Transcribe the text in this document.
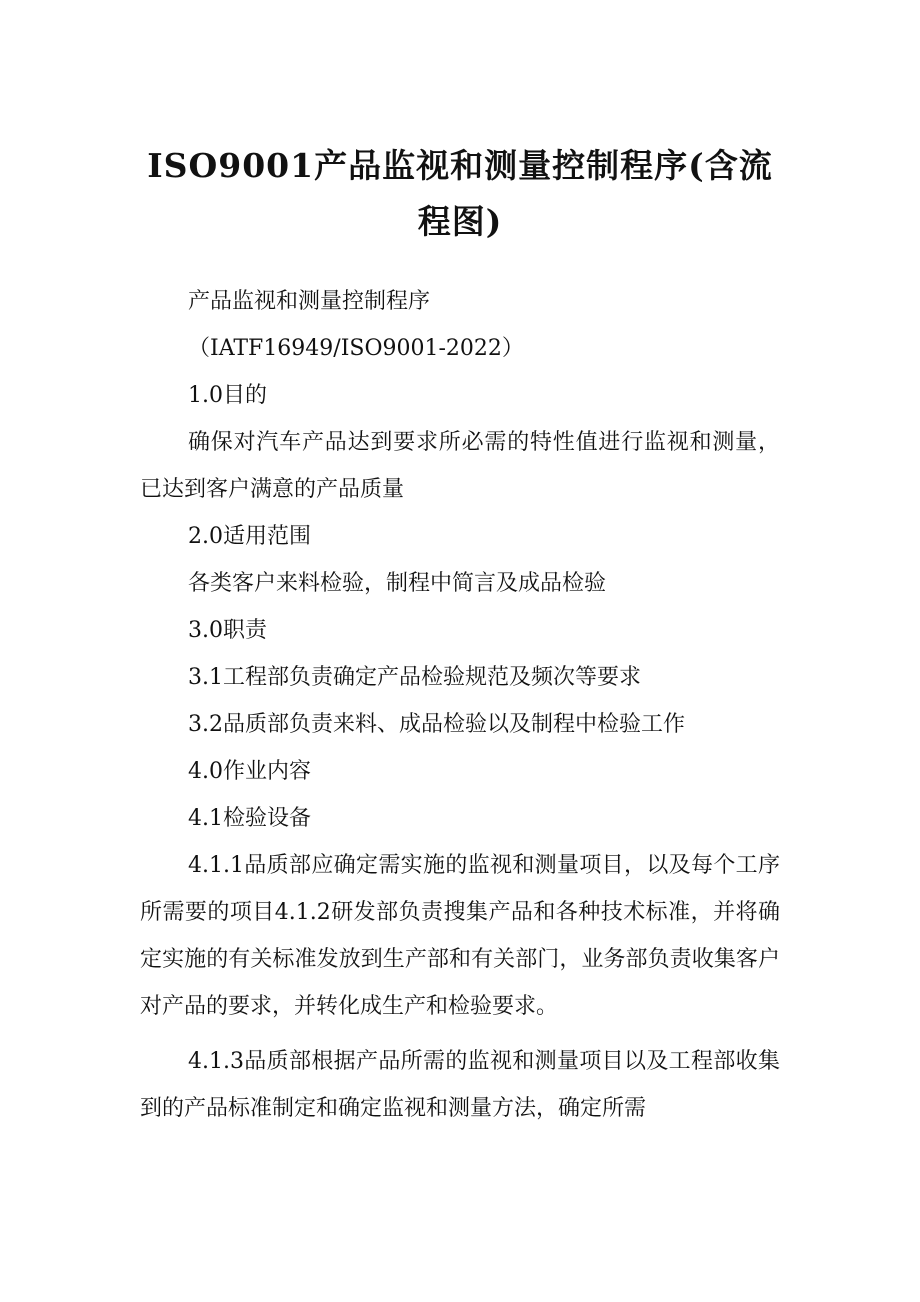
ISO9001产品监视和测量控制程序(含流程图)

产品监视和测量控制程序

（IATF16949/ISO9001-2022）

1.0目的

确保对汽车产品达到要求所必需的特性值进行监视和测量，已达到客户满意的产品质量

2.0适用范围

各类客户来料检验，制程中简言及成品检验

3.0职责

3.1工程部负责确定产品检验规范及频次等要求

3.2品质部负责来料、成品检验以及制程中检验工作

4.0作业内容

4.1检验设备

4.1.1品质部应确定需实施的监视和测量项目，以及每个工序所需要的项目4.1.2研发部负责搜集产品和各种技术标准，并将确定实施的有关标准发放到生产部和有关部门，业务部负责收集客户对产品的要求，并转化成生产和检验要求。

4.1.3品质部根据产品所需的监视和测量项目以及工程部收集到的产品标准制定和确定监视和测量方法，确定所需
